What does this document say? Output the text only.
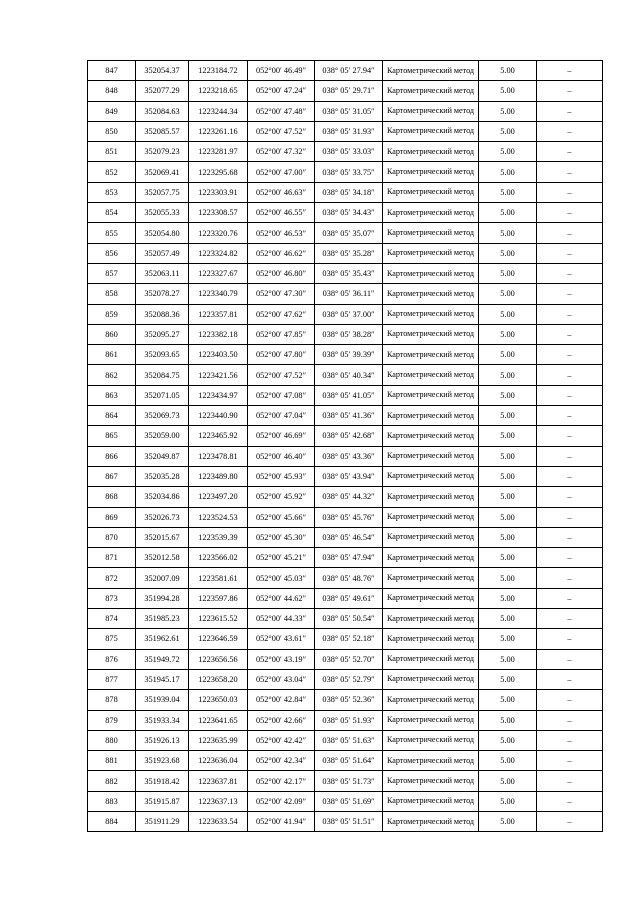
847	352054.37	1223184.72	052°00′ 46.49″	038° 05′ 27.94″	Картометрический метод	5.00	–
848	352077.29	1223218.65	052°00′ 47.24″	038° 05′ 29.71″	Картометрический метод	5.00	–
849	352084.63	1223244.34	052°00′ 47.48″	038° 05′ 31.05″	Картометрический метод	5.00	–
850	352085.57	1223261.16	052°00′ 47.52″	038° 05′ 31.93″	Картометрический метод	5.00	–
851	352079.23	1223281.97	052°00′ 47.32″	038° 05′ 33.03″	Картометрический метод	5.00	–
852	352069.41	1223295.68	052°00′ 47.00″	038° 05′ 33.75″	Картометрический метод	5.00	–
853	352057.75	1223303.91	052°00′ 46.63″	038° 05′ 34.18″	Картометрический метод	5.00	–
854	352055.33	1223308.57	052°00′ 46.55″	038° 05′ 34.43″	Картометрический метод	5.00	–
855	352054.80	1223320.76	052°00′ 46.53″	038° 05′ 35.07″	Картометрический метод	5.00	–
856	352057.49	1223324.82	052°00′ 46.62″	038° 05′ 35.28″	Картометрический метод	5.00	–
857	352063.11	1223327.67	052°00′ 46.80″	038° 05′ 35.43″	Картометрический метод	5.00	–
858	352078.27	1223340.79	052°00′ 47.30″	038° 05′ 36.11″	Картометрический метод	5.00	–
859	352088.36	1223357.81	052°00′ 47.62″	038° 05′ 37.00″	Картометрический метод	5.00	–
860	352095.27	1223382.18	052°00′ 47.85″	038° 05′ 38.28″	Картометрический метод	5.00	–
861	352093.65	1223403.50	052°00′ 47.80″	038° 05′ 39.39″	Картометрический метод	5.00	–
862	352084.75	1223421.56	052°00′ 47.52″	038° 05′ 40.34″	Картометрический метод	5.00	–
863	352071.05	1223434.97	052°00′ 47.08″	038° 05′ 41.05″	Картометрический метод	5.00	–
864	352069.73	1223440.90	052°00′ 47.04″	038° 05′ 41.36″	Картометрический метод	5.00	–
865	352059.00	1223465.92	052°00′ 46.69″	038° 05′ 42.68″	Картометрический метод	5.00	–
866	352049.87	1223478.81	052°00′ 46.40″	038° 05′ 43.36″	Картометрический метод	5.00	–
867	352035.28	1223489.80	052°00′ 45.93″	038° 05′ 43.94″	Картометрический метод	5.00	–
868	352034.86	1223497.20	052°00′ 45.92″	038° 05′ 44.32″	Картометрический метод	5.00	–
869	352026.73	1223524.53	052°00′ 45.66″	038° 05′ 45.76″	Картометрический метод	5.00	–
870	352015.67	1223539.39	052°00′ 45.30″	038° 05′ 46.54″	Картометрический метод	5.00	–
871	352012.58	1223566.02	052°00′ 45.21″	038° 05′ 47.94″	Картометрический метод	5.00	–
872	352007.09	1223581.61	052°00′ 45.03″	038° 05′ 48.76″	Картометрический метод	5.00	–
873	351994.28	1223597.86	052°00′ 44.62″	038° 05′ 49.61″	Картометрический метод	5.00	–
874	351985.23	1223615.52	052°00′ 44.33″	038° 05′ 50.54″	Картометрический метод	5.00	–
875	351962.61	1223646.59	052°00′ 43.61″	038° 05′ 52.18″	Картометрический метод	5.00	–
876	351949.72	1223656.56	052°00′ 43.19″	038° 05′ 52.70″	Картометрический метод	5.00	–
877	351945.17	1223658.20	052°00′ 43.04″	038° 05′ 52.79″	Картометрический метод	5.00	–
878	351939.04	1223650.03	052°00′ 42.84″	038° 05′ 52.36″	Картометрический метод	5.00	–
879	351933.34	1223641.65	052°00′ 42.66″	038° 05′ 51.93″	Картометрический метод	5.00	–
880	351926.13	1223635.99	052°00′ 42.42″	038° 05′ 51.63″	Картометрический метод	5.00	–
881	351923.68	1223636.04	052°00′ 42.34″	038° 05′ 51.64″	Картометрический метод	5.00	–
882	351918.42	1223637.81	052°00′ 42.17″	038° 05′ 51.73″	Картометрический метод	5.00	–
883	351915.87	1223637.13	052°00′ 42.09″	038° 05′ 51.69″	Картометрический метод	5.00	–
884	351911.29	1223633.54	052°00′ 41.94″	038° 05′ 51.51″	Картометрический метод	5.00	–
